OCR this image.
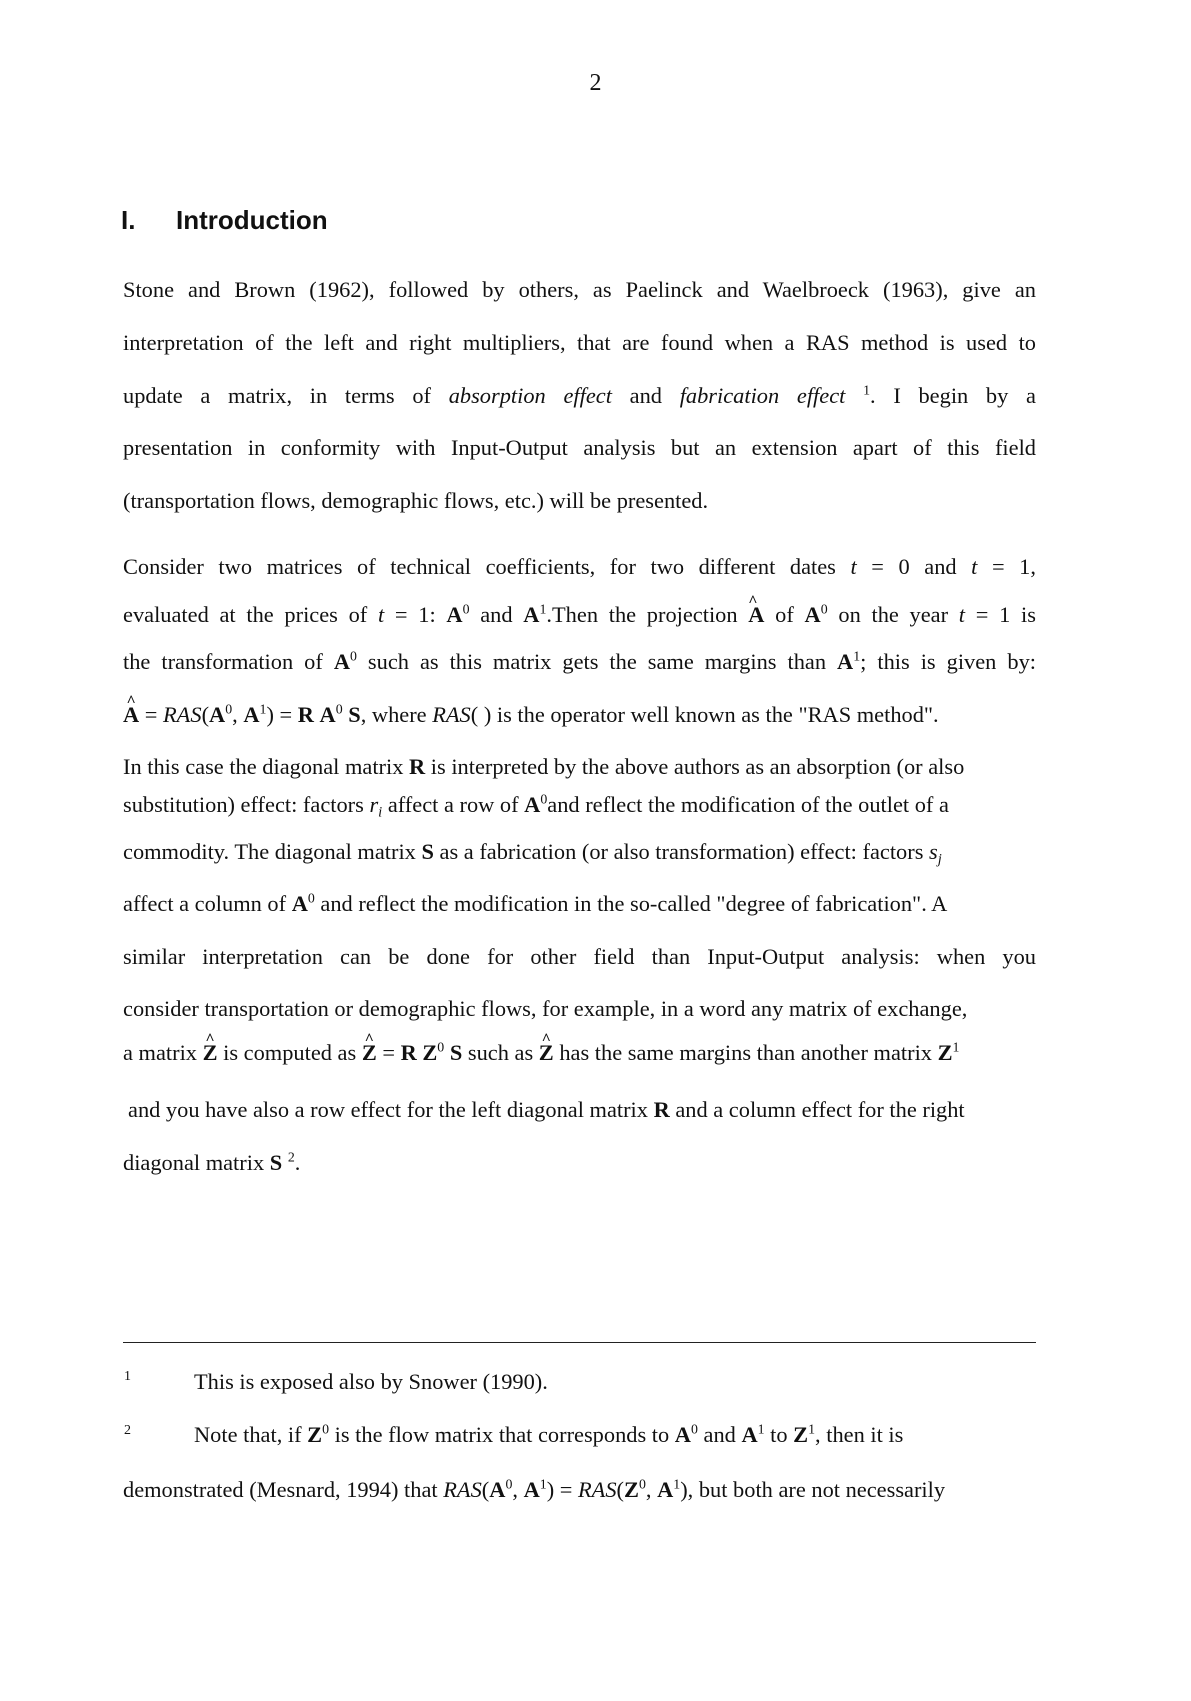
2
I. Introduction
Stone and Brown (1962), followed by others, as Paelinck and Waelbroeck (1963), give an
interpretation of the left and right multipliers, that are found when a RAS method is used to
update a matrix, in terms of absorption effect and fabrication effect $^1$. I begin by a
presentation in conformity with Input-Output analysis but an extension apart of this field
(transportation flows, demographic flows, etc.) will be presented.
Consider two matrices of technical coefficients, for two different dates t = 0 and t = 1,
evaluated at the prices of t = 1: $A^0$ and $A^1.Then$ the projection ^ A of $A^0$ on the year t = 1 is
the transformation of $A^0$ such as this matrix gets the same margins than $A^1$; this is given by:
^ $A = RAS(A^0$, $A^1) = R$ $A^0$ S, where RAS( ) is the operator well known as the "RAS method".
In this case the diagonal matrix R is interpreted by the above authors as an absorption (or also
substitution) effect: factors $r_i$ affect a row of $A^0and$ reflect the modification of the outlet of a
commodity. The diagonal matrix S as a fabrication (or also transformation) effect: factors $s_j$
affect a column of $A^0$ and reflect the modification in the so-called "degree of fabrication". A
similar interpretation can be done for other field than Input-Output analysis: when you
consider transportation or demographic flows, for example, in a word any matrix of exchange,
a matrix ^ Z is computed as ^ Z = R $Z^0$ S such as ^ Z has the same margins than another matrix $Z^1$
and you have also a row effect for the left diagonal matrix R and a column effect for the right
diagonal matrix S $^2$.
1	This is exposed also by Snower (1990).
2	Note that, if $Z^0$ is the flow matrix that corresponds to $A^0$ and $A^1$ to $Z^1$, then it is
demonstrated (Mesnard, 1994) that $RAS(A^0$, $A^1) = RAS(Z^0$, $A^1$), but both are not necessarily
